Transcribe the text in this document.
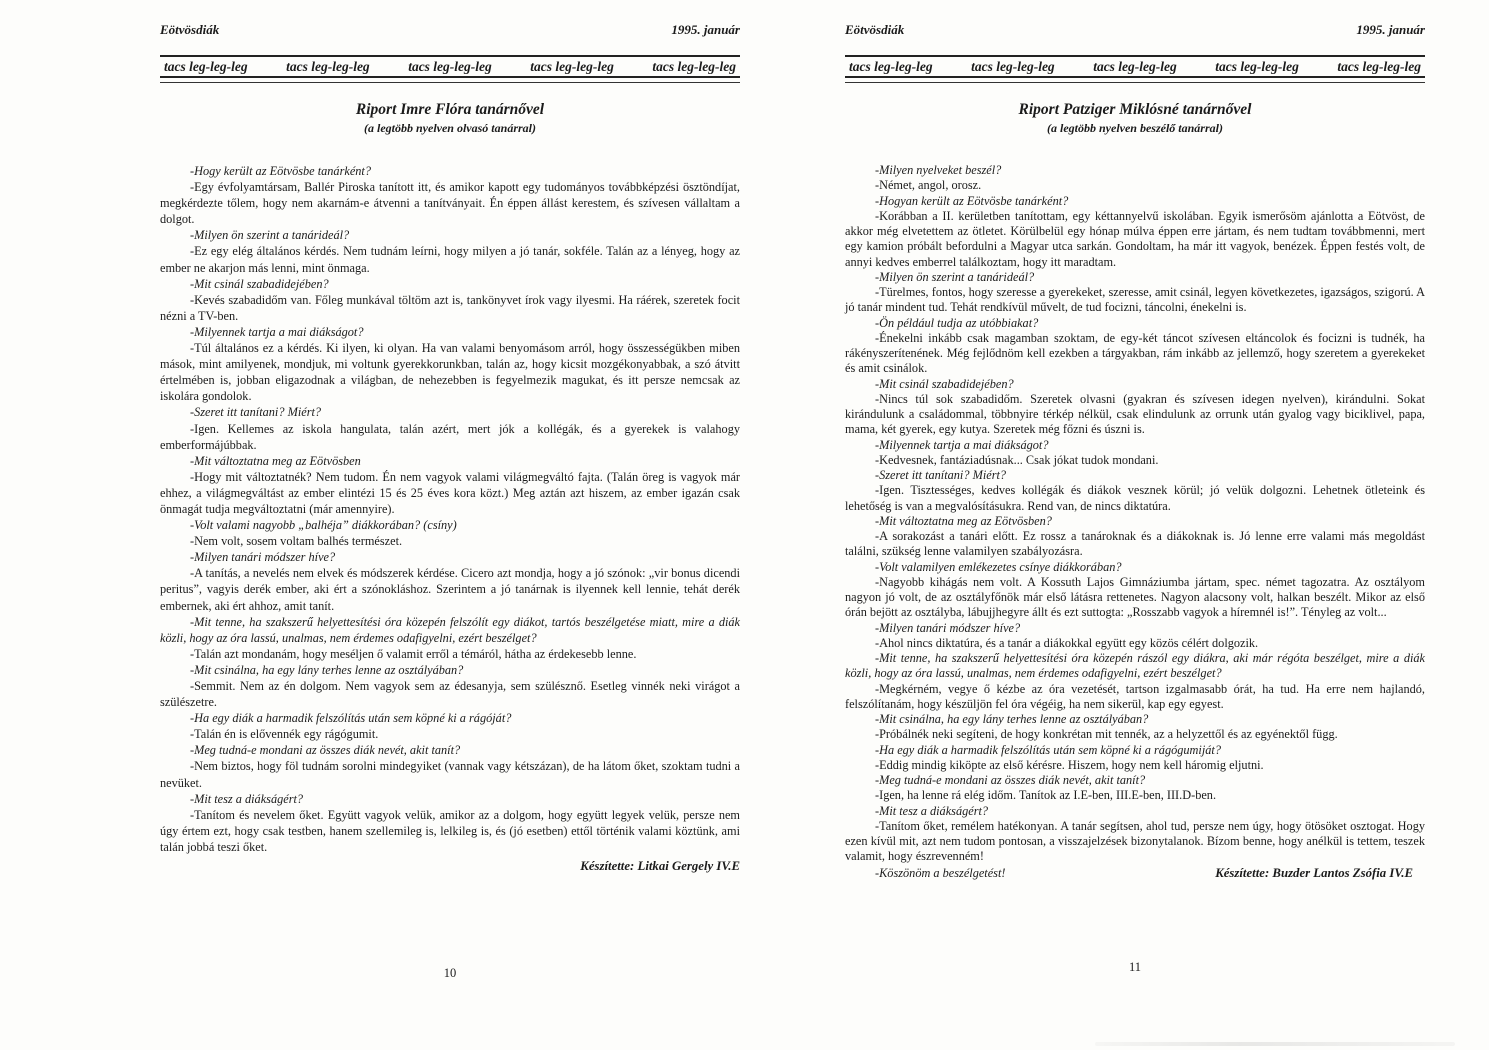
Eötvösdiák	1995. január
tacs leg-leg-leg	tacs leg-leg-leg	tacs leg-leg-leg	tacs leg-leg-leg	tacs leg-leg-leg
Riport Imre Flóra tanárnővel
(a legtöbb nyelven olvasó tanárral)

-Hogy került az Eötvösbe tanárként?

-Egy évfolyamtársam, Ballér Piroska tanított itt, és amikor kapott egy tudományos továbbképzési ösztöndíjat, megkérdezte tőlem, hogy nem akarnám-e átvenni a tanítványait. Én éppen állást kerestem, és szívesen vállaltam a dolgot.

-Milyen ön szerint a tanárideál?

-Ez egy elég általános kérdés. Nem tudnám leírni, hogy milyen a jó tanár, sokféle. Talán az a lényeg, hogy az ember ne akarjon más lenni, mint önmaga.

-Mit csinál szabadidejében?

-Kevés szabadidőm van. Főleg munkával töltöm azt is, tankönyvet írok vagy ilyesmi. Ha ráérek, szeretek focit nézni a TV-ben.

-Milyennek tartja a mai diákságot?

-Túl általános ez a kérdés. Ki ilyen, ki olyan. Ha van valami benyomásom arról, hogy összességükben miben mások, mint amilyenek, mondjuk, mi voltunk gyerekkorunkban, talán az, hogy kicsit mozgékonyabbak, a szó átvitt értelmében is, jobban eligazodnak a világban, de nehezebben is fegyelmezik magukat, és itt persze nemcsak az iskolára gondolok.

-Szeret itt tanítani? Miért?

-Igen. Kellemes az iskola hangulata, talán azért, mert jók a kollégák, és a gyerekek is valahogy emberformájúbbak.

-Mit változtatna meg az Eötvösben

-Hogy mit változtatnék? Nem tudom. Én nem vagyok valami világmegváltó fajta. (Talán öreg is vagyok már ehhez, a világmegváltást az ember elintézi 15 és 25 éves kora közt.) Meg aztán azt hiszem, az ember igazán csak önmagát tudja megváltoztatni (már amennyire).

-Volt valami nagyobb „balhéja” diákkorában? (csíny)

-Nem volt, sosem voltam balhés természet.

-Milyen tanári módszer híve?

-A tanítás, a nevelés nem elvek és módszerek kérdése. Cicero azt mondja, hogy a jó szónok: „vir bonus dicendi peritus”, vagyis derék ember, aki ért a szónokláshoz. Szerintem a jó tanárnak is ilyennek kell lennie, tehát derék embernek, aki ért ahhoz, amit tanít.

-Mit tenne, ha szakszerű helyettesítési óra közepén felszólít egy diákot, tartós beszélgetése miatt, mire a diák közli, hogy az óra lassú, unalmas, nem érdemes odafigyelni, ezért beszélget?

-Talán azt mondanám, hogy meséljen ő valamit erről a témáról, hátha az érdekesebb lenne.

-Mit csinálna, ha egy lány terhes lenne az osztályában?

-Semmit. Nem az én dolgom. Nem vagyok sem az édesanyja, sem szülésznő. Esetleg vinnék neki virágot a szülészetre.

-Ha egy diák a harmadik felszólítás után sem köpné ki a rágóját?

-Talán én is elővennék egy rágógumit.

-Meg tudná-e mondani az összes diák nevét, akit tanít?

-Nem biztos, hogy föl tudnám sorolni mindegyiket (vannak vagy kétszázan), de ha látom őket, szoktam tudni a nevüket.

-Mit tesz a diákságért?

-Tanítom és nevelem őket. Együtt vagyok velük, amikor az a dolgom, hogy együtt legyek velük, persze nem úgy értem ezt, hogy csak testben, hanem szellemileg is, lelkileg is, és (jó esetben) ettől történik valami köztünk, ami talán jobbá teszi őket.

Készítette: Litkai Gergely IV.E

10
Eötvösdiák	1995. január
tacs leg-leg-leg	tacs leg-leg-leg	tacs leg-leg-leg	tacs leg-leg-leg	tacs leg-leg-leg
Riport Patziger Miklósné tanárnővel
(a legtöbb nyelven beszélő tanárral)

-Milyen nyelveket beszél?

-Német, angol, orosz.

-Hogyan került az Eötvösbe tanárként?

-Korábban a II. kerületben tanítottam, egy kéttannyelvű iskolában. Egyik ismerősöm ajánlotta a Eötvöst, de akkor még elvetettem az ötletet. Körülbelül egy hónap múlva éppen erre jártam, és nem tudtam továbbmenni, mert egy kamion próbált befordulni a Magyar utca sarkán. Gondoltam, ha már itt vagyok, benézek. Éppen festés volt, de annyi kedves emberrel találkoztam, hogy itt maradtam.

-Milyen ön szerint a tanárideál?

-Türelmes, fontos, hogy szeresse a gyerekeket, szeresse, amit csinál, legyen következetes, igazságos, szigorú. A jó tanár mindent tud. Tehát rendkívül művelt, de tud focizni, táncolni, énekelni is.

-Ön például tudja az utóbbiakat?

-Énekelni inkább csak magamban szoktam, de egy-két táncot szívesen eltáncolok és focizni is tudnék, ha rákényszerítenének. Még fejlődnöm kell ezekben a tárgyakban, rám inkább az jellemző, hogy szeretem a gyerekeket és amit csinálok.

-Mit csinál szabadidejében?

-Nincs túl sok szabadidőm. Szeretek olvasni (gyakran és szívesen idegen nyelven), kirándulni. Sokat kirándulunk a családommal, többnyire térkép nélkül, csak elindulunk az orrunk után gyalog vagy biciklivel, papa, mama, két gyerek, egy kutya. Szeretek még főzni és úszni is.

-Milyennek tartja a mai diákságot?

-Kedvesnek, fantáziadúsnak... Csak jókat tudok mondani.

-Szeret itt tanítani? Miért?

-Igen. Tisztességes, kedves kollégák és diákok vesznek körül; jó velük dolgozni. Lehetnek ötleteink és lehetőség is van a megvalósításukra. Rend van, de nincs diktatúra.

-Mit változtatna meg az Eötvösben?

-A sorakozást a tanári előtt. Ez rossz a tanároknak és a diákoknak is. Jó lenne erre valami más megoldást találni, szükség lenne valamilyen szabályozásra.

-Volt valamilyen emlékezetes csínye diákkorában?

-Nagyobb kihágás nem volt. A Kossuth Lajos Gimnáziumba jártam, spec. német tagozatra. Az osztályom nagyon jó volt, de az osztályfőnök már első látásra rettenetes. Nagyon alacsony volt, halkan beszélt. Mikor az első órán bejött az osztályba, lábujjhegyre állt és ezt suttogta: „Rosszabb vagyok a híremnél is!”. Tényleg az volt...

-Milyen tanári módszer híve?

-Ahol nincs diktatúra, és a tanár a diákokkal együtt egy közös célért dolgozik.

-Mit tenne, ha szakszerű helyettesítési óra közepén rászól egy diákra, aki már régóta beszélget, mire a diák közli, hogy az óra lassú, unalmas, nem érdemes odafigyelni, ezért beszélget?

-Megkérném, vegye ő kézbe az óra vezetését, tartson izgalmasabb órát, ha tud. Ha erre nem hajlandó, felszólítanám, hogy készüljön fel óra végéig, ha nem sikerül, kap egy egyest.

-Mit csinálna, ha egy lány terhes lenne az osztályában?

-Próbálnék neki segíteni, de hogy konkrétan mit tennék, az a helyzettől és az egyénektől függ.

-Ha egy diák a harmadik felszólítás után sem köpné ki a rágógumiját?

-Eddig mindig kiköpte az első kérésre. Hiszem, hogy nem kell háromig eljutni.

-Meg tudná-e mondani az összes diák nevét, akit tanít?

-Igen, ha lenne rá elég időm. Tanítok az I.E-ben, III.E-ben, III.D-ben.

-Mit tesz a diákságért?

-Tanítom őket, remélem hatékonyan. A tanár segítsen, ahol tud, persze nem úgy, hogy ötösöket osztogat. Hogy ezen kívül mit, azt nem tudom pontosan, a visszajelzések bizonytalanok. Bízom benne, hogy anélkül is tettem, teszek valamit, hogy észrevenném!

-Köszönöm a beszélgetést!	Készítette: Buzder Lantos Zsófia IV.E

11
